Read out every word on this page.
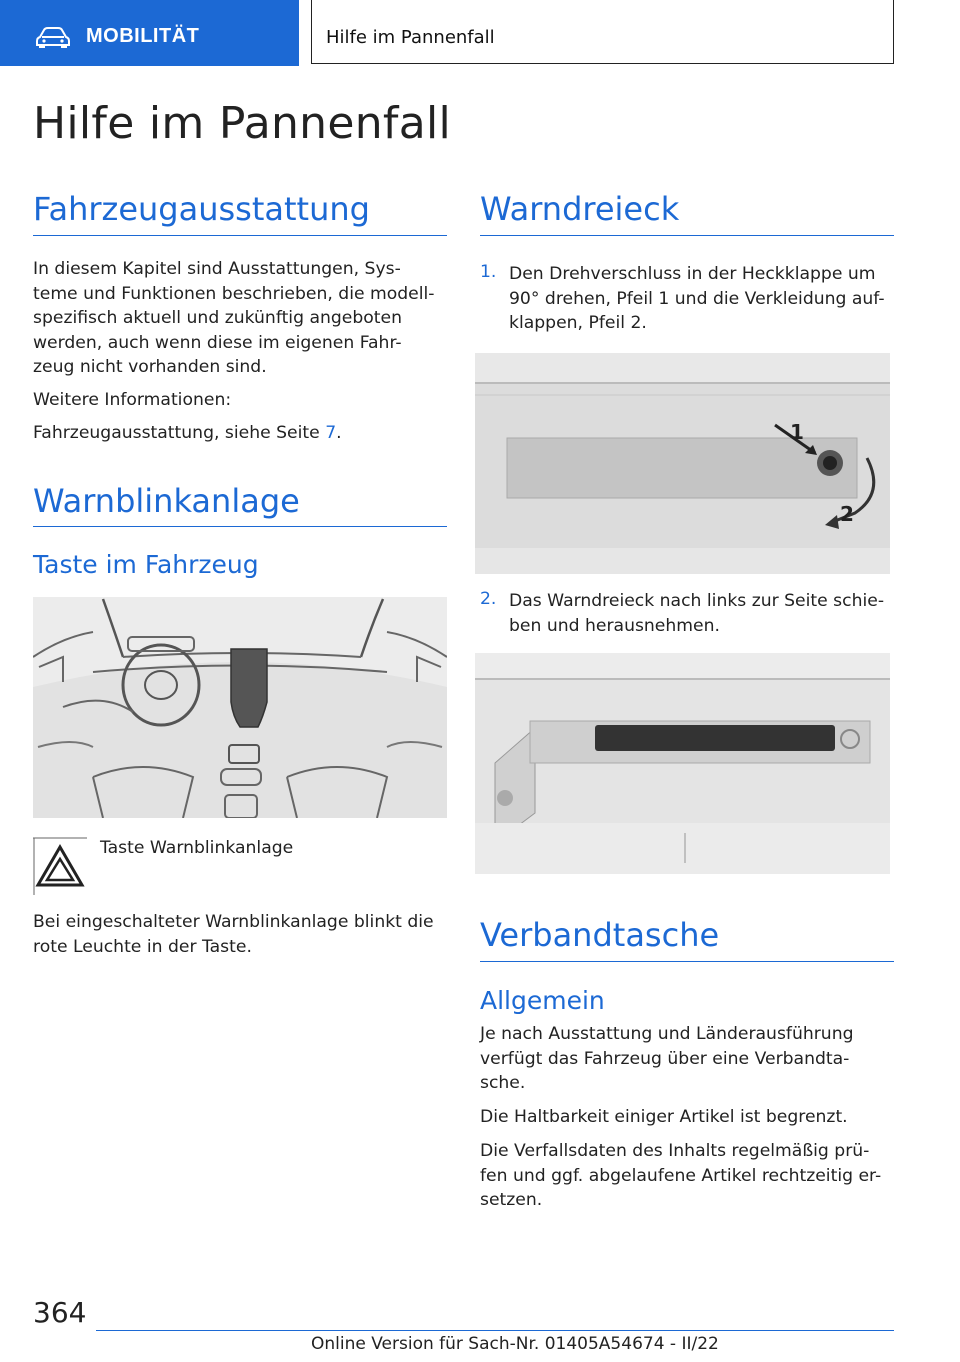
MOBILITÄT	Hilfe im Pannenfall
Hilfe im Pannenfall
Fahrzeugausstattung
In diesem Kapitel sind Ausstattungen, Sys-
teme und Funktionen beschrieben, die modell-
spezifisch aktuell und zukünftig angeboten
werden, auch wenn diese im eigenen Fahr-
zeug nicht vorhanden sind.
Weitere Informationen:
Fahrzeugausstattung, siehe Seite 7.
Warnblinkanlage
Taste im Fahrzeug
Taste Warnblinkanlage
Bei eingeschalteter Warnblinkanlage blinkt die
rote Leuchte in der Taste.
Warndreieck
1. Den Drehverschluss in der Heckklappe um
90° drehen, Pfeil 1 und die Verkleidung auf-
klappen, Pfeil 2.
1
2
2. Das Warndreieck nach links zur Seite schie-
ben und herausnehmen.
Verbandtasche
Allgemein
Je nach Ausstattung und Länderausführung
verfügt das Fahrzeug über eine Verbandta-
sche.
Die Haltbarkeit einiger Artikel ist begrenzt.
Die Verfallsdaten des Inhalts regelmäßig prü-
fen und ggf. abgelaufene Artikel rechtzeitig er-
setzen.
364
Online Version für Sach-Nr. 01405A54674 - II/22
